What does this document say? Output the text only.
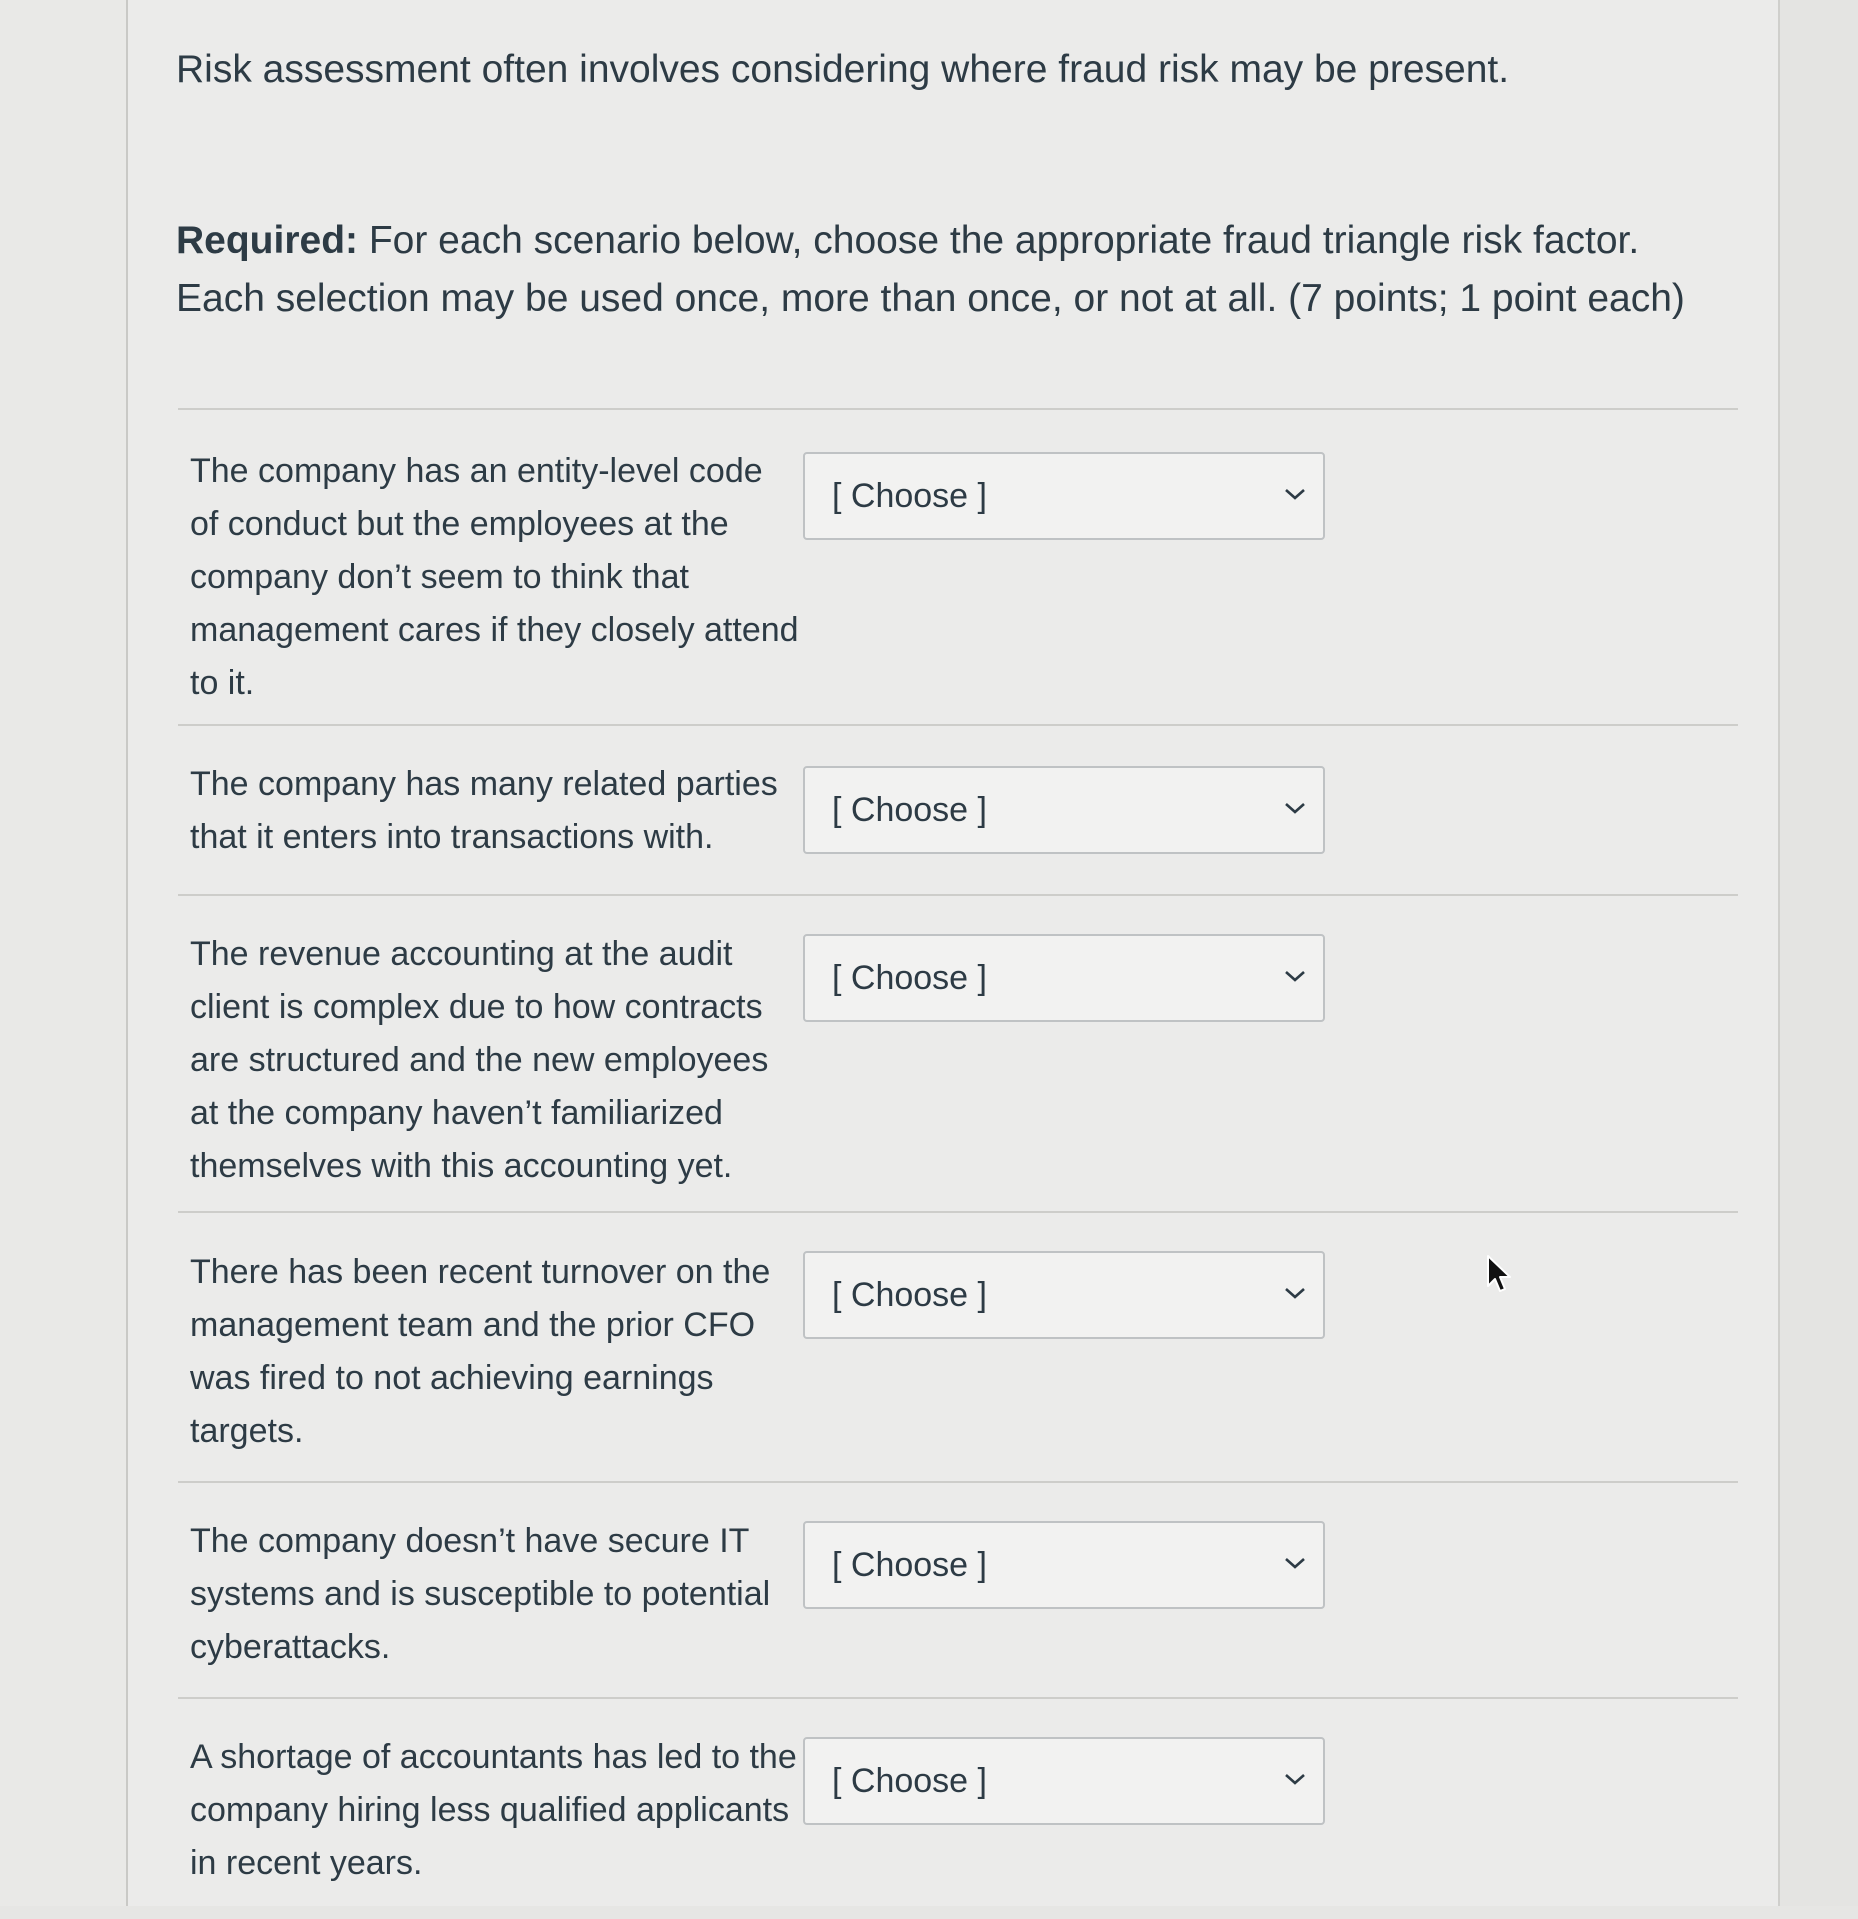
Risk assessment often involves considering where fraud risk may be present.

Required: For each scenario below, choose the appropriate fraud triangle risk factor. Each selection may be used once, more than once, or not at all. (7 points; 1 point each)

The company has an entity-level code of conduct but the employees at the company don’t seem to think that management cares if they closely attend to it.

[ Choose ]

The company has many related parties that it enters into transactions with.

[ Choose ]

The revenue accounting at the audit client is complex due to how contracts are structured and the new employees at the company haven’t familiarized themselves with this accounting yet.

[ Choose ]

There has been recent turnover on the management team and the prior CFO was fired to not achieving earnings targets.

[ Choose ]

The company doesn’t have secure IT systems and is susceptible to potential cyberattacks.

[ Choose ]

A shortage of accountants has led to the company hiring less qualified applicants in recent years.

[ Choose ]
